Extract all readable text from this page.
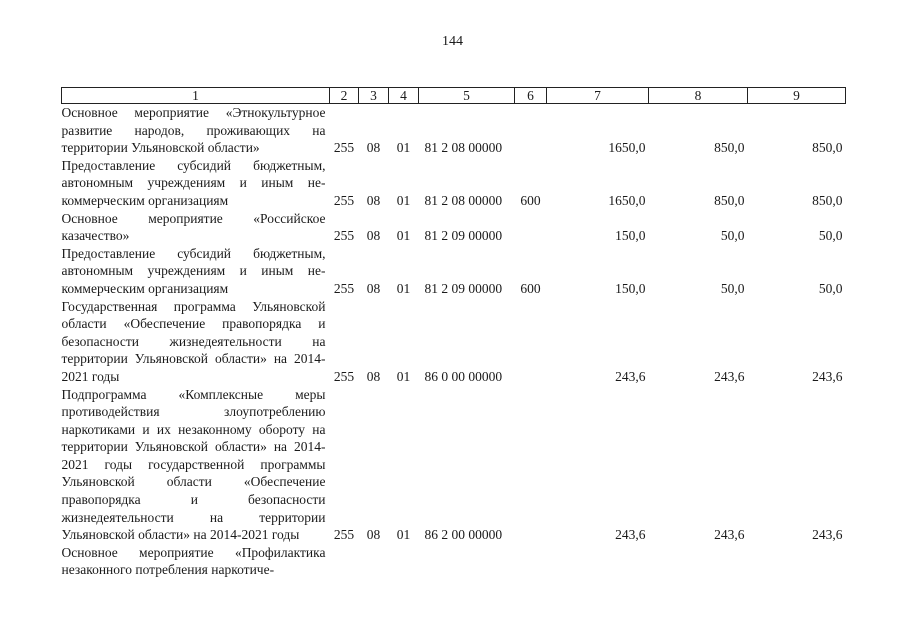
144
1	2	3	4	5	6	7	8	9
Основное мероприятие «Этнокультурное развитие народов, проживающих на территории Ульяновской области»	255	08	01	81 2 08 00000		1650,0	850,0	850,0
Предоставление субсидий бюджетным, автономным учреждениям и иным некоммерческим организациям	255	08	01	81 2 08 00000	600	1650,0	850,0	850,0
Основное мероприятие «Российское казачество»	255	08	01	81 2 09 00000		150,0	50,0	50,0
Предоставление субсидий бюджетным, автономным учреждениям и иным некоммерческим организациям	255	08	01	81 2 09 00000	600	150,0	50,0	50,0
Государственная программа Ульяновской области «Обеспечение правопорядка и безопасности жизнедеятельности на территории Ульяновской области» на 2014-2021 годы	255	08	01	86 0 00 00000		243,6	243,6	243,6
Подпрограмма «Комплексные меры противодействия злоупотреблению наркотиками и их незаконному обороту на территории Ульяновской области» на 2014-2021 годы государственной программы Ульяновской области «Обеспечение правопорядка и безопасности жизнедеятельности на территории Ульяновской области» на 2014-2021 годы	255	08	01	86 2 00 00000		243,6	243,6	243,6
Основное мероприятие «Профилактика незаконного потребления наркотиче-								
